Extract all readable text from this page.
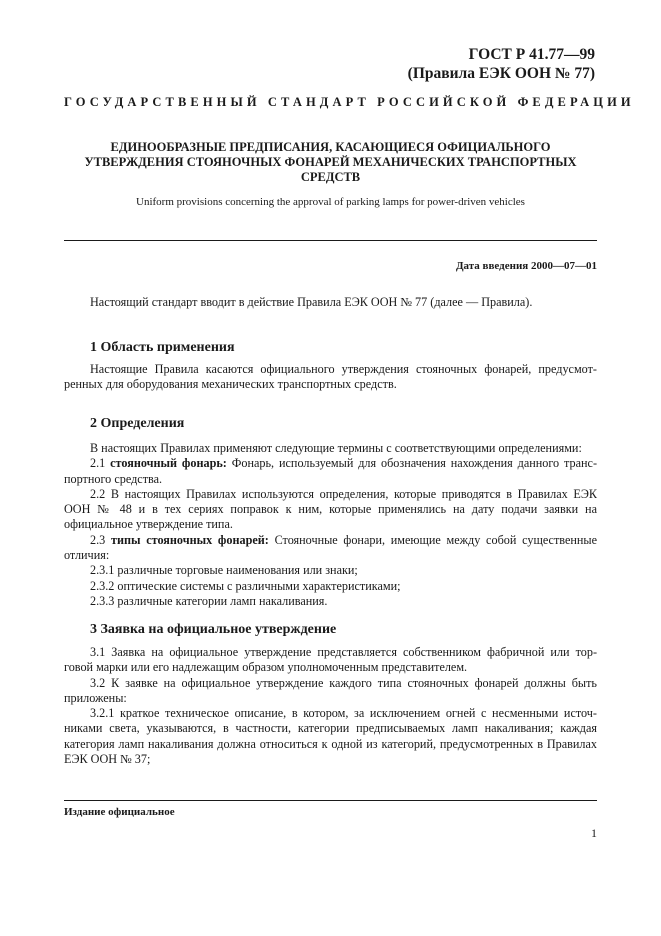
ГОСТ Р 41.77—99

(Правила ЕЭК ООН № 77)

ГОСУДАРСТВЕННЫЙ СТАНДАРТ РОССИЙСКОЙ ФЕДЕРАЦИИ

ЕДИНООБРАЗНЫЕ ПРЕДПИСАНИЯ, КАСАЮЩИЕСЯ ОФИЦИАЛЬНОГО
УТВЕРЖДЕНИЯ СТОЯНОЧНЫХ ФОНАРЕЙ МЕХАНИЧЕСКИХ ТРАНСПОРТНЫХ
СРЕДСТВ

Uniform provisions concerning the approval of parking lamps for power-driven vehicles

Дата введения 2000—07—01

Настоящий стандарт вводит в действие Правила ЕЭК ООН № 77 (далее — Правила).

1 Область применения

Настоящие Правила касаются официального утверждения стояночных фонарей, предусмот-ренных для оборудования механических транспортных средств.

2 Определения

В настоящих Правилах применяют следующие термины с соответствующими определениями:

2.1 стояночный фонарь: Фонарь, используемый для обозначения нахождения данного транс-портного средства.

2.2 В настоящих Правилах используются определения, которые приводятся в Правилах ЕЭК ООН № 48 и в тех сериях поправок к ним, которые применялись на дату подачи заявки на официальное утверждение типа.

2.3 типы стояночных фонарей: Стояночные фонари, имеющие между собой существенные отличия:

2.3.1 различные торговые наименования или знаки;

2.3.2 оптические системы с различными характеристиками;

2.3.3 различные категории ламп накаливания.

3 Заявка на официальное утверждение

3.1 Заявка на официальное утверждение представляется собственником фабричной или тор-говой марки или его надлежащим образом уполномоченным представителем.

3.2 К заявке на официальное утверждение каждого типа стояночных фонарей должны быть приложены:

3.2.1 краткое техническое описание, в котором, за исключением огней с несменными источ-никами света, указываются, в частности, категории предписываемых ламп накаливания; каждая категория ламп накаливания должна относиться к одной из категорий, предусмотренных в Правилах ЕЭК ООН № 37;

Издание официальное

1
